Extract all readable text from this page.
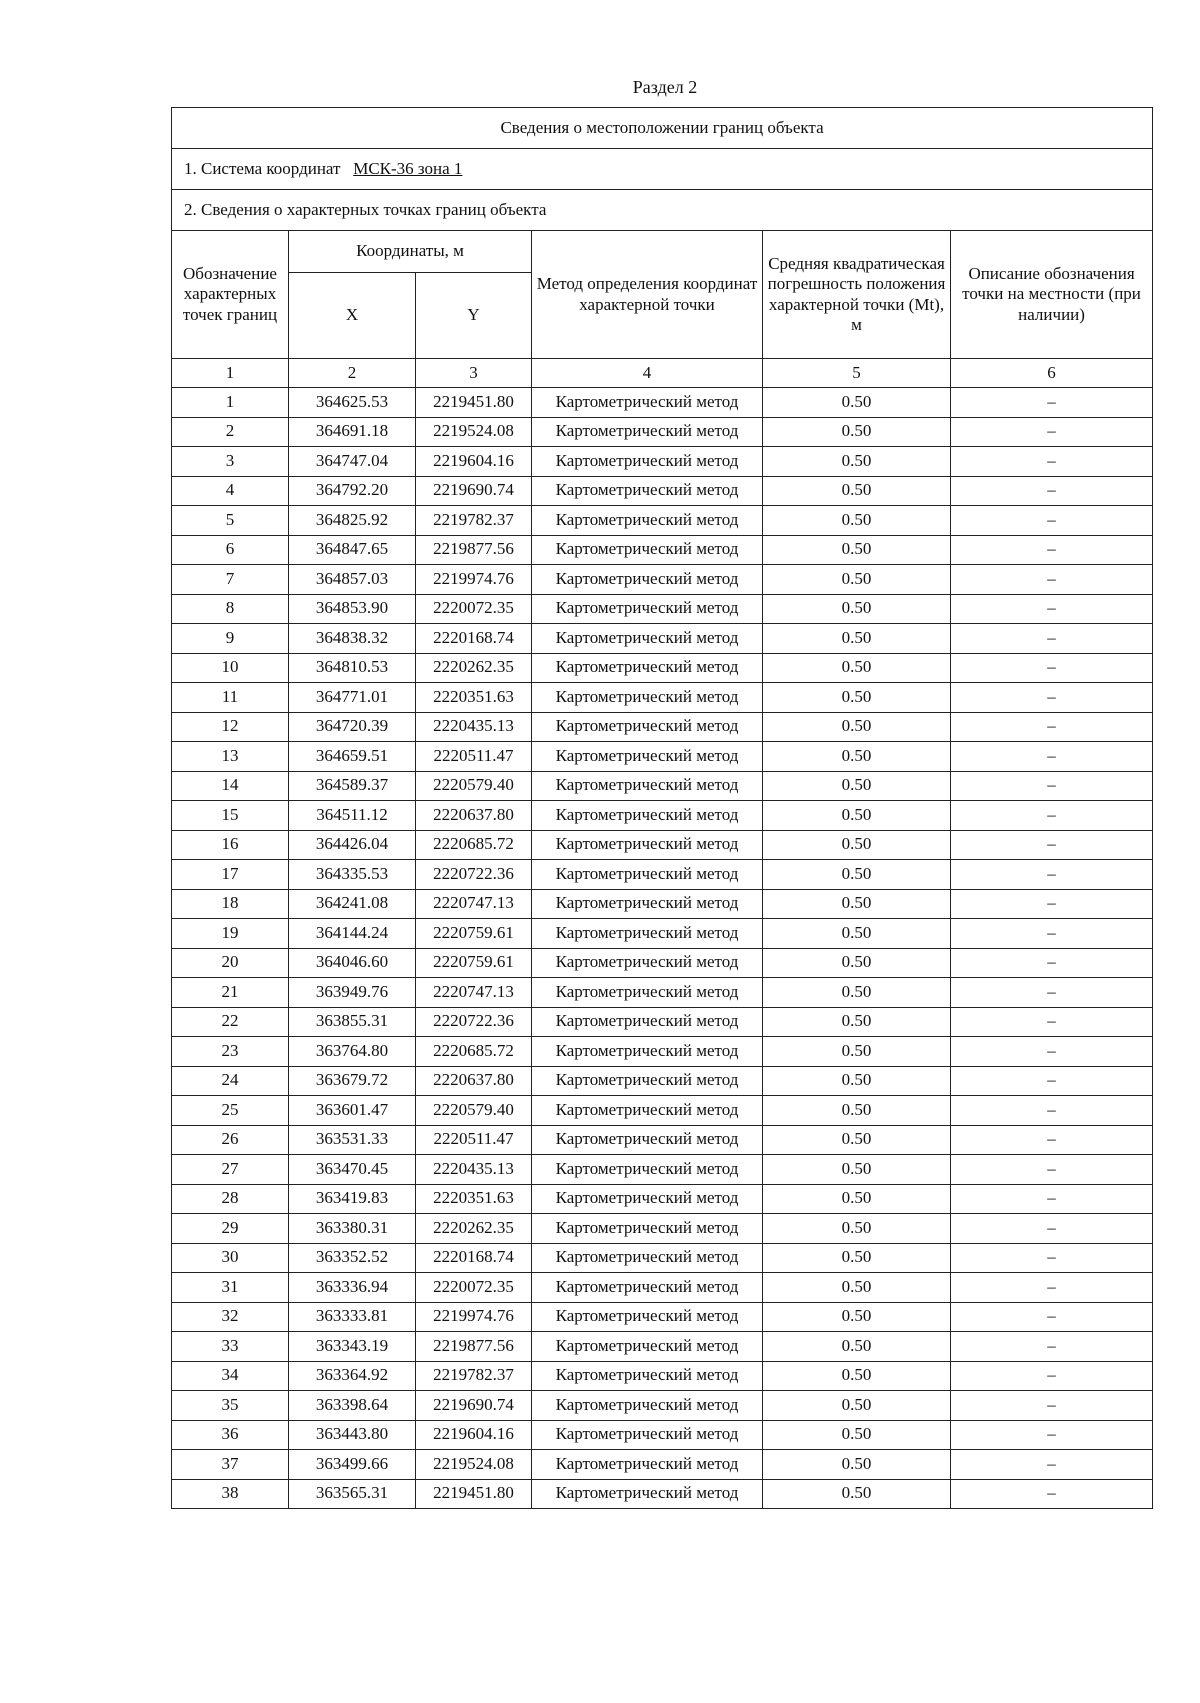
Раздел 2
Сведения о местоположении границ объекта					
1. Система координат МСК-36 зона 1					
2. Сведения о характерных точках границ объекта					
Обозначение характерных точек границ	Координаты, м		Метод определения координат характерной точки	Средняя квадратическая погрешность положения характерной точки (Mt), м	Описание обозначения точки на местности (при наличии)
	X	Y			
1	2	3	4	5	6
1	364625.53	2219451.80	Картометрический метод	0.50	–
2	364691.18	2219524.08	Картометрический метод	0.50	–
3	364747.04	2219604.16	Картометрический метод	0.50	–
4	364792.20	2219690.74	Картометрический метод	0.50	–
5	364825.92	2219782.37	Картометрический метод	0.50	–
6	364847.65	2219877.56	Картометрический метод	0.50	–
7	364857.03	2219974.76	Картометрический метод	0.50	–
8	364853.90	2220072.35	Картометрический метод	0.50	–
9	364838.32	2220168.74	Картометрический метод	0.50	–
10	364810.53	2220262.35	Картометрический метод	0.50	–
11	364771.01	2220351.63	Картометрический метод	0.50	–
12	364720.39	2220435.13	Картометрический метод	0.50	–
13	364659.51	2220511.47	Картометрический метод	0.50	–
14	364589.37	2220579.40	Картометрический метод	0.50	–
15	364511.12	2220637.80	Картометрический метод	0.50	–
16	364426.04	2220685.72	Картометрический метод	0.50	–
17	364335.53	2220722.36	Картометрический метод	0.50	–
18	364241.08	2220747.13	Картометрический метод	0.50	–
19	364144.24	2220759.61	Картометрический метод	0.50	–
20	364046.60	2220759.61	Картометрический метод	0.50	–
21	363949.76	2220747.13	Картометрический метод	0.50	–
22	363855.31	2220722.36	Картометрический метод	0.50	–
23	363764.80	2220685.72	Картометрический метод	0.50	–
24	363679.72	2220637.80	Картометрический метод	0.50	–
25	363601.47	2220579.40	Картометрический метод	0.50	–
26	363531.33	2220511.47	Картометрический метод	0.50	–
27	363470.45	2220435.13	Картометрический метод	0.50	–
28	363419.83	2220351.63	Картометрический метод	0.50	–
29	363380.31	2220262.35	Картометрический метод	0.50	–
30	363352.52	2220168.74	Картометрический метод	0.50	–
31	363336.94	2220072.35	Картометрический метод	0.50	–
32	363333.81	2219974.76	Картометрический метод	0.50	–
33	363343.19	2219877.56	Картометрический метод	0.50	–
34	363364.92	2219782.37	Картометрический метод	0.50	–
35	363398.64	2219690.74	Картометрический метод	0.50	–
36	363443.80	2219604.16	Картометрический метод	0.50	–
37	363499.66	2219524.08	Картометрический метод	0.50	–
38	363565.31	2219451.80	Картометрический метод	0.50	–
